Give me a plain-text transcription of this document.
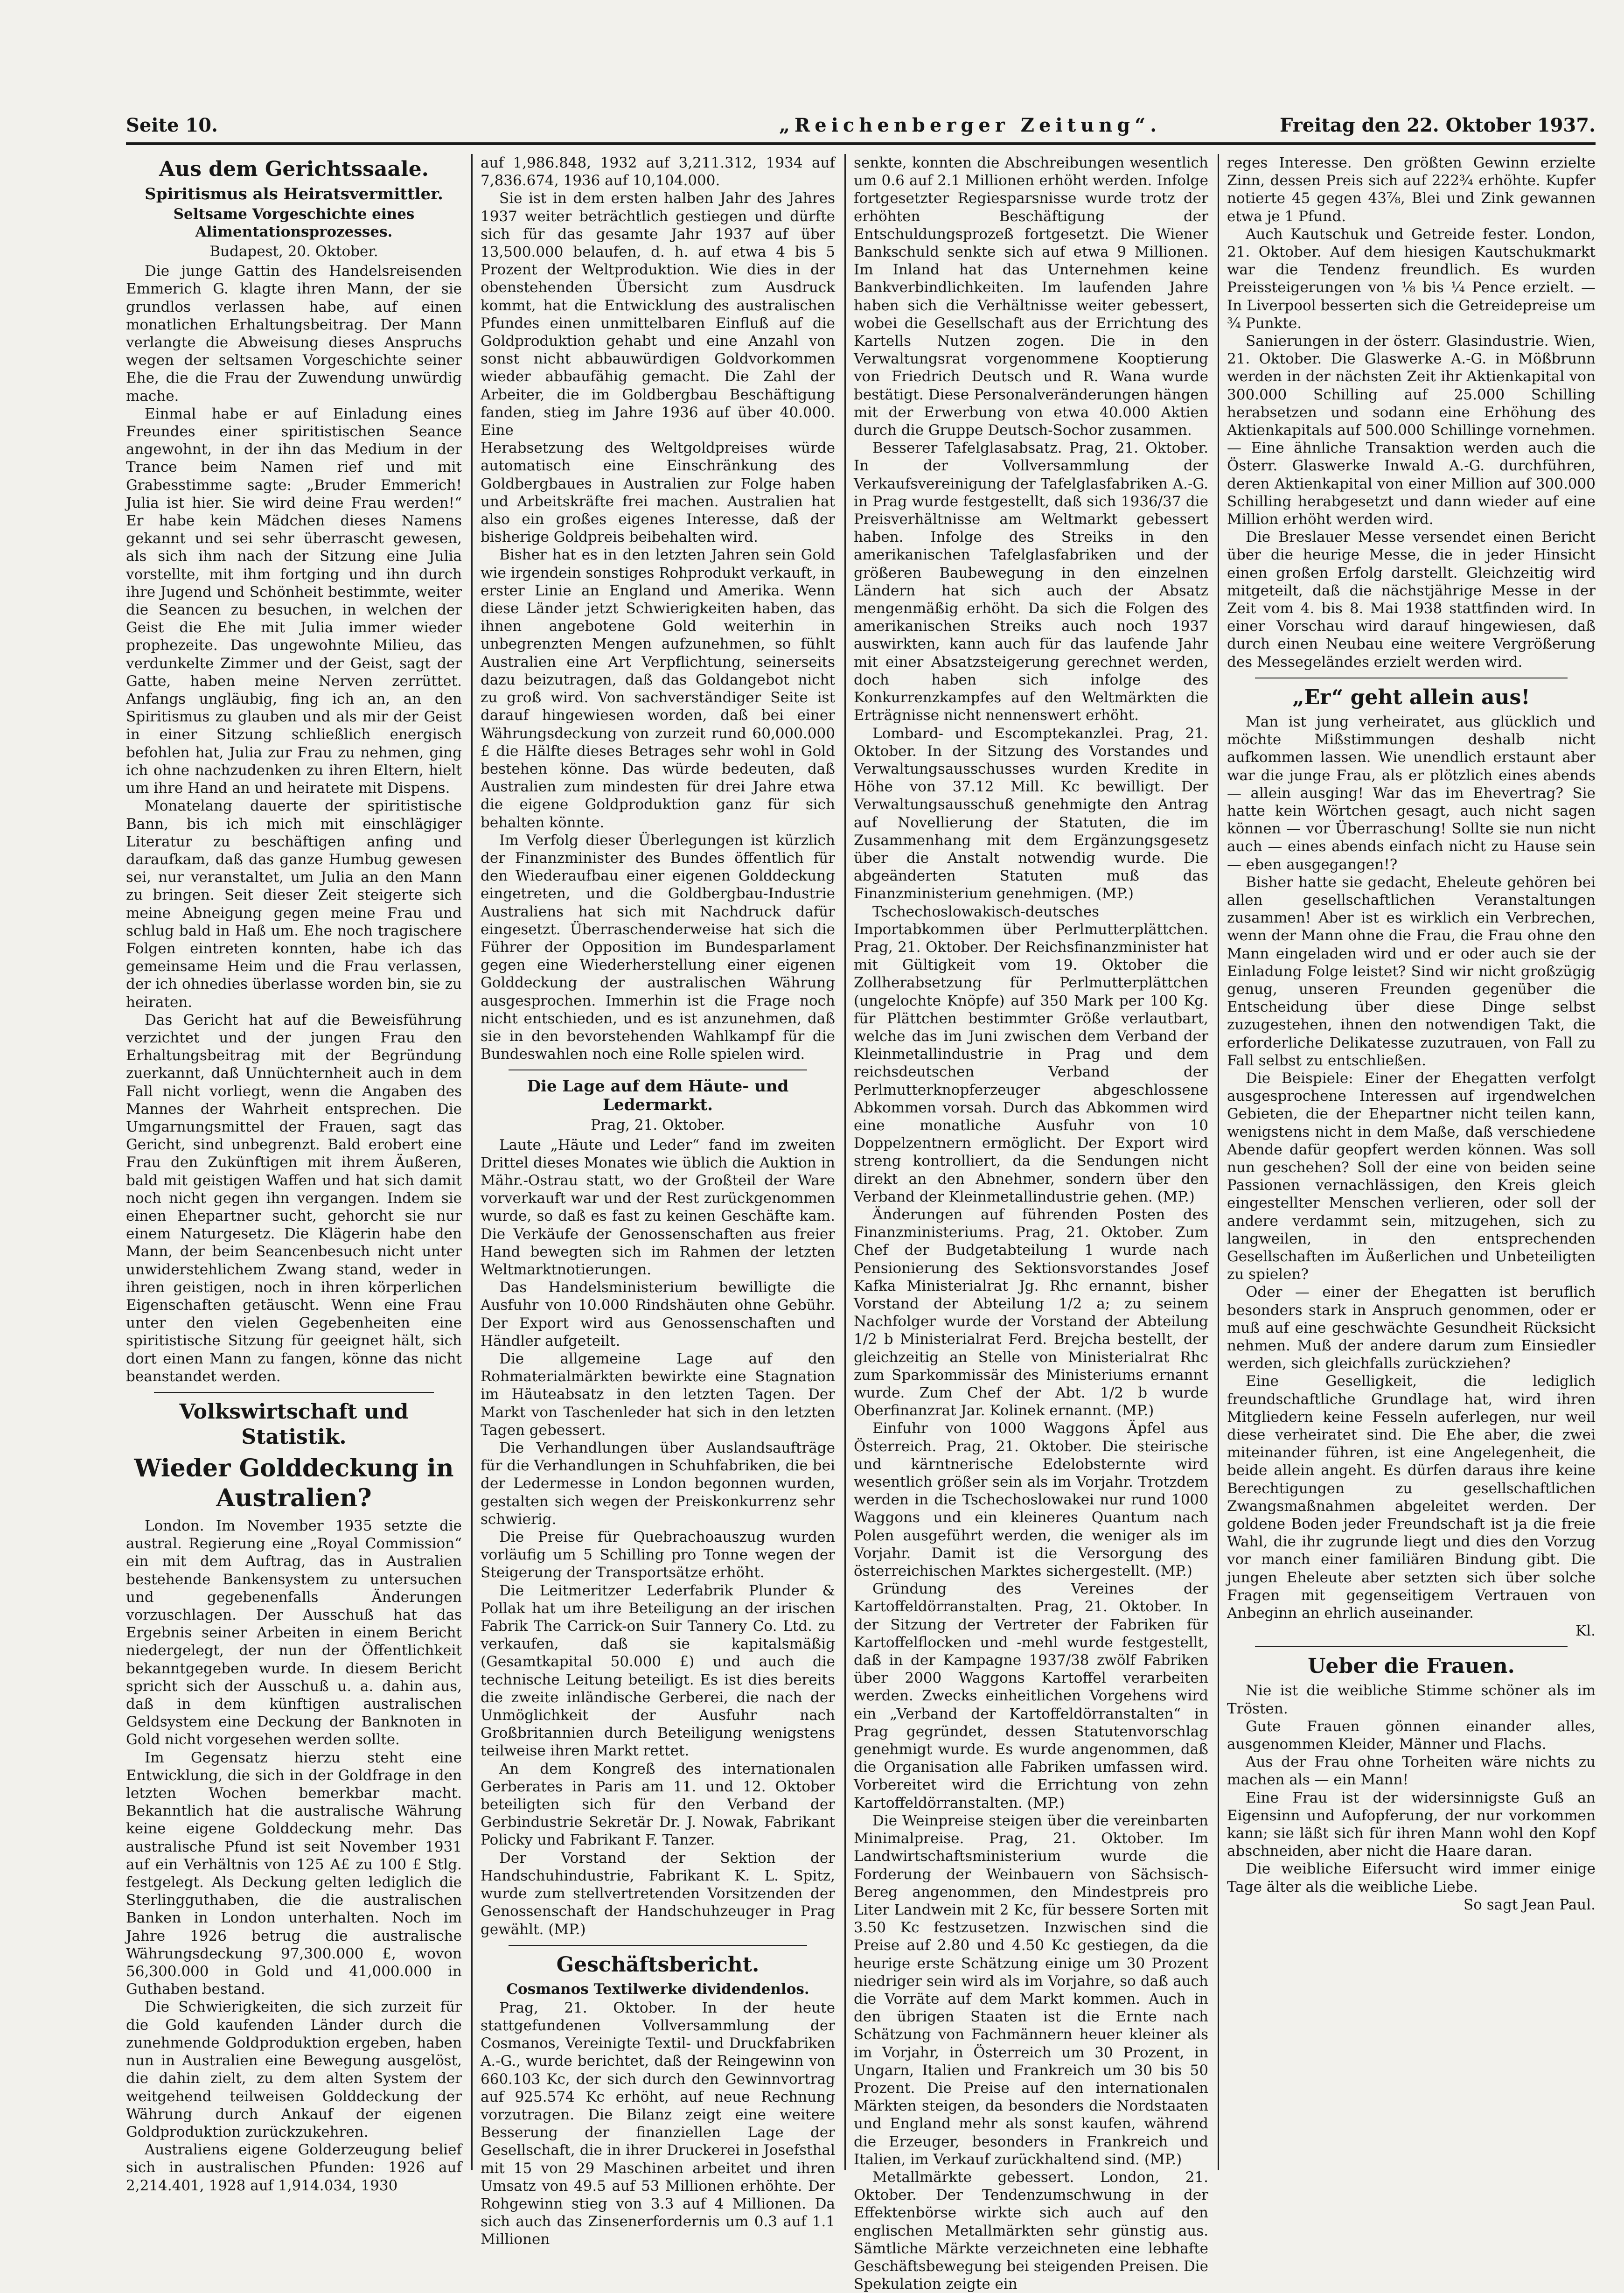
Seite 10.	„Reichenberger Zeitung“.	Freitag den 22. Oktober 1937.
Aus dem Gerichtssaale.
Spiritismus als Heiratsvermittler.
Seltsame Vorgeschichte eines Alimentationsprozesses.
Budapest, 20. Oktober.

Die junge Gattin des Handelsreisenden Emmerich G. klagte ihren Mann, der sie grundlos verlassen habe, auf einen monatlichen Erhaltungsbeitrag. Der Mann verlangte die Abweisung dieses Anspruchs wegen der seltsamen Vorgeschichte seiner Ehe, die die Frau der Zuwendung unwürdig mache.

Einmal habe er auf Einladung eines Freundes einer spiritistischen Seance angewohnt, in der ihn das Medium in der Trance beim Namen rief und mit Grabesstimme sagte: „Bruder Emmerich! Julia ist hier. Sie wird deine Frau werden!“ Er habe kein Mädchen dieses Namens gekannt und sei sehr überrascht gewesen, als sich ihm nach der Sitzung eine Julia vorstellte, mit ihm fortging und ihn durch ihre Jugend und Schönheit bestimmte, weiter die Seancen zu besuchen, in welchen der Geist die Ehe mit Julia immer wieder prophezeite. Das ungewohnte Milieu, das verdunkelte Zimmer und der Geist, sagt der Gatte, haben meine Nerven zerrüttet. Anfangs ungläubig, fing ich an, an den Spiritismus zu glauben und als mir der Geist in einer Sitzung schließlich energisch befohlen hat, Julia zur Frau zu nehmen, ging ich ohne nachzudenken zu ihren Eltern, hielt um ihre Hand an und heiratete mit Dispens.

Monatelang dauerte der spiritistische Bann, bis ich mich mit einschlägiger Literatur zu beschäftigen anfing und daraufkam, daß das ganze Humbug gewesen sei, nur veranstaltet, um Julia an den Mann zu bringen. Seit dieser Zeit steigerte sich meine Abneigung gegen meine Frau und schlug bald in Haß um. Ehe noch tragischere Folgen eintreten konnten, habe ich das gemeinsame Heim und die Frau verlassen, der ich ohnedies überlasse worden bin, sie zu heiraten.

Das Gericht hat auf die Beweisführung verzichtet und der jungen Frau den Erhaltungsbeitrag mit der Begründung zuerkannt, daß Unnüchternheit auch in dem Fall nicht vorliegt, wenn die Angaben des Mannes der Wahrheit entsprechen. Die Umgarnungsmittel der Frauen, sagt das Gericht, sind unbegrenzt. Bald erobert eine Frau den Zukünftigen mit ihrem Äußeren, bald mit geistigen Waffen und hat sich damit noch nicht gegen ihn vergangen. Indem sie einen Ehepartner sucht, gehorcht sie nur einem Naturgesetz. Die Klägerin habe den Mann, der beim Seancenbesuch nicht unter unwiderstehlichem Zwang stand, weder in ihren geistigen, noch in ihren körperlichen Eigenschaften getäuscht. Wenn eine Frau unter den vielen Gegebenheiten eine spiritistische Sitzung für geeignet hält, sich dort einen Mann zu fangen, könne das nicht beanstandet werden.

Volkswirtschaft und Statistik.
Wieder Golddeckung in Australien?

London. Im November 1935 setzte die austral. Regierung eine „Royal Commission“ ein mit dem Auftrag, das in Australien bestehende Bankensystem zu untersuchen und gegebenenfalls Änderungen vorzuschlagen. Der Ausschuß hat das Ergebnis seiner Arbeiten in einem Bericht niedergelegt, der nun der Öffentlichkeit bekanntgegeben wurde. In diesem Bericht spricht sich der Ausschuß u. a. dahin aus, daß in dem künftigen australischen Geldsystem eine Deckung der Banknoten in Gold nicht vorgesehen werden sollte.

Im Gegensatz hierzu steht eine Entwicklung, die sich in der Goldfrage in den letzten Wochen bemerkbar macht. Bekanntlich hat die australische Währung keine eigene Golddeckung mehr. Das australische Pfund ist seit November 1931 auf ein Verhältnis von 125 A£ zu 100 £ Stlg. festgelegt. Als Deckung gelten lediglich die Sterlingguthaben, die die australischen Banken in London unterhalten. Noch im Jahre 1926 betrug die australische Währungsdeckung 97,300.000 £, wovon 56,300.000 in Gold und 41,000.000 in Guthaben bestand.

Die Schwierigkeiten, die sich zurzeit für die Gold kaufenden Länder durch die zunehmende Goldproduktion ergeben, haben nun in Australien eine Bewegung ausgelöst, die dahin zielt, zu dem alten System der weitgehend teilweisen Golddeckung der Währung durch Ankauf der eigenen Goldproduktion zurückzukehren.

Australiens eigene Golderzeugung belief sich in australischen Pfunden: 1926 auf 2,214.401, 1928 auf 1,914.034, 1930

auf 1,986.848, 1932 auf 3,211.312, 1934 auf 7,836.674, 1936 auf 10,104.000.

Sie ist in dem ersten halben Jahr des Jahres 1937 weiter beträchtlich gestiegen und dürfte sich für das gesamte Jahr 1937 auf über 13,500.000 belaufen, d. h. auf etwa 4 bis 5 Prozent der Weltproduktion. Wie dies in der obenstehenden Übersicht zum Ausdruck kommt, hat die Entwicklung des australischen Pfundes einen unmittelbaren Einfluß auf die Goldproduktion gehabt und eine Anzahl von sonst nicht abbauwürdigen Goldvorkommen wieder abbaufähig gemacht. Die Zahl der Arbeiter, die im Goldbergbau Beschäftigung fanden, stieg im Jahre 1936 auf über 40.000. Eine

Herabsetzung des Weltgoldpreises würde automatisch eine Einschränkung des Goldbergbaues in Australien zur Folge haben und Arbeitskräfte frei machen. Australien hat also ein großes eigenes Interesse, daß der bisherige Goldpreis beibehalten wird.

Bisher hat es in den letzten Jahren sein Gold wie irgendein sonstiges Rohprodukt verkauft, in erster Linie an England und Amerika. Wenn diese Länder jetzt Schwierigkeiten haben, das ihnen angebotene Gold weiterhin in unbegrenzten Mengen aufzunehmen, so fühlt Australien eine Art Verpflichtung, seinerseits dazu beizutragen, daß das Goldangebot nicht zu groß wird. Von sachverständiger Seite ist darauf hingewiesen worden, daß bei einer Währungsdeckung von zurzeit rund 60,000.000 £ die Hälfte dieses Betrages sehr wohl in Gold bestehen könne. Das würde bedeuten, daß Australien zum mindesten für drei Jahre etwa die eigene Goldproduktion ganz für sich behalten könnte.

Im Verfolg dieser Überlegungen ist kürzlich der Finanzminister des Bundes öffentlich für den Wiederaufbau einer eigenen Golddeckung eingetreten, und die Goldbergbau-Industrie Australiens hat sich mit Nachdruck dafür eingesetzt. Überraschenderweise hat sich die Führer der Opposition im Bundesparlament gegen eine Wiederherstellung einer eigenen Golddeckung der australischen Währung ausgesprochen. Immerhin ist die Frage noch nicht entschieden, und es ist anzunehmen, daß sie in den bevorstehenden Wahlkampf für die Bundeswahlen noch eine Rolle spielen wird.

Die Lage auf dem Häute- und Ledermarkt.
Prag, 21. Oktober.

Laute „Häute und Leder“ fand im zweiten Drittel dieses Monates wie üblich die Auktion in Mähr.-Ostrau statt, wo der Großteil der Ware vorverkauft war und der Rest zurückgenommen wurde, so daß es fast zu keinen Geschäfte kam. Die Verkäufe der Genossenschaften aus freier Hand bewegten sich im Rahmen der letzten Weltmarktnotierungen.

Das Handelsministerium bewilligte die Ausfuhr von 10.000 Rindshäuten ohne Gebühr. Der Export wird aus Genossenschaften und Händler aufgeteilt.

Die allgemeine Lage auf den Rohmaterialmärkten bewirkte eine Stagnation im Häuteabsatz in den letzten Tagen. Der Markt von Taschenleder hat sich in den letzten Tagen gebessert.

Die Verhandlungen über Auslandsaufträge für die Verhandlungen in Schuhfabriken, die bei der Ledermesse in London begonnen wurden, gestalten sich wegen der Preiskonkurrenz sehr schwierig.

Die Preise für Quebrachoauszug wurden vorläufig um 5 Schilling pro Tonne wegen der Steigerung der Transportsätze erhöht.

Die Leitmeritzer Lederfabrik Plunder & Pollak hat um ihre Beteiligung an der irischen Fabrik The Carrick-on Suir Tannery Co. Ltd. zu verkaufen, daß sie kapitalsmäßig (Gesamtkapital 50.000 £) und auch die technische Leitung beteiligt. Es ist dies bereits die zweite inländische Gerberei, die nach der Unmöglichkeit der Ausfuhr nach Großbritannien durch Beteiligung wenigstens teilweise ihren Markt rettet.

An dem Kongreß des internationalen Gerberates in Paris am 11. und 12. Oktober beteiligten sich für den Verband der Gerbindustrie Sekretär Dr. J. Nowak, Fabrikant Policky und Fabrikant F. Tanzer.

Der Vorstand der Sektion der Handschuhindustrie, Fabrikant K. L. Spitz, wurde zum stellvertretenden Vorsitzenden der Genossenschaft der Handschuhzeuger in Prag gewählt. (MP.)

Geschäftsbericht.
Cosmanos Textilwerke dividendenlos.

Prag, 21. Oktober. In der heute stattgefundenen Vollversammlung der Cosmanos, Vereinigte Textil- und Druckfabriken A.-G., wurde berichtet, daß der Reingewinn von 660.103 Kc, der sich durch den Gewinnvortrag auf 925.574 Kc erhöht, auf neue Rechnung vorzutragen. Die Bilanz zeigt eine weitere Besserung der finanziellen Lage der Gesellschaft, die in ihrer Druckerei in Josefsthal mit 15 von 29 Maschinen arbeitet und ihren Umsatz von 49.5 auf 53 Millionen erhöhte. Der Rohgewinn stieg von 3.3 auf 4 Millionen. Da sich auch das Zinsenerfordernis um 0.3 auf 1.1 Millionen

senkte, konnten die Abschreibungen wesentlich um 0.6 auf 2.1 Millionen erhöht werden. Infolge fortgesetzter Regiesparsnisse wurde trotz der erhöhten Beschäftigung der Entschuldungsprozeß fortgesetzt. Die Wiener Bankschuld senkte sich auf etwa 9 Millionen. Im Inland hat das Unternehmen keine Bankverbindlichkeiten. Im laufenden Jahre haben sich die Verhältnisse weiter gebessert, wobei die Gesellschaft aus der Errichtung des Kartells Nutzen zogen. Die in den Verwaltungsrat vorgenommene Kooptierung von Friedrich Deutsch und R. Wana wurde bestätigt. Diese Personalveränderungen hängen mit der Erwerbung von etwa 40.000 Aktien durch die Gruppe Deutsch-Sochor zusammen.

Besserer Tafelglasabsatz. Prag, 21. Oktober. In der Vollversammlung der Verkaufsvereinigung der Tafelglasfabriken A.-G. in Prag wurde festgestellt, daß sich 1936/37 die Preisverhältnisse am Weltmarkt gebessert haben. Infolge des Streiks in den amerikanischen Tafelglasfabriken und der größeren Baubewegung in den einzelnen Ländern hat sich auch der Absatz mengenmäßig erhöht. Da sich die Folgen des amerikanischen Streiks auch noch 1937 auswirkten, kann auch für das laufende Jahr mit einer Absatzsteigerung gerechnet werden, doch haben sich infolge des Konkurrenzkampfes auf den Weltmärkten die Erträgnisse nicht nennenswert erhöht.

Lombard- und Escomptekanzlei. Prag, 21. Oktober. In der Sitzung des Vorstandes und Verwaltungsausschusses wurden Kredite in Höhe von 37.12 Mill. Kc bewilligt. Der Verwaltungsausschuß genehmigte den Antrag auf Novellierung der Statuten, die im Zusammenhang mit dem Ergänzungsgesetz über die Anstalt notwendig wurde. Die abgeänderten Statuten muß das Finanzministerium genehmigen. (MP.)

Tschechoslowakisch-deutsches Importabkommen über Perlmutterplättchen. Prag, 21. Oktober. Der Reichsfinanzminister hat mit Gültigkeit vom 19. Oktober die Zollherabsetzung für Perlmutterplättchen (ungelochte Knöpfe) auf 350 Mark per 100 Kg. für Plättchen bestimmter Größe verlautbart, welche das im Juni zwischen dem Verband der Kleinmetallindustrie in Prag und dem reichsdeutschen Verband der Perlmutterknopferzeuger abgeschlossene Abkommen vorsah. Durch das Abkommen wird eine monatliche Ausfuhr von 10 Doppelzentnern ermöglicht. Der Export wird streng kontrolliert, da die Sendungen nicht direkt an den Abnehmer, sondern über den Verband der Kleinmetallindustrie gehen. (MP.)

Änderungen auf führenden Posten des Finanzministeriums. Prag, 21. Oktober. Zum Chef der Budgetabteilung 1 wurde nach Pensionierung des Sektionsvorstandes Josef Kafka Ministerialrat Jg. Rhc ernannt, bisher Vorstand der Abteilung 1/2 a; zu seinem Nachfolger wurde der Vorstand der Abteilung 1/2 b Ministerialrat Ferd. Brejcha bestellt, der gleichzeitig an Stelle von Ministerialrat Rhc zum Sparkommissär des Ministeriums ernannt wurde. Zum Chef der Abt. 1/2 b wurde Oberfinanzrat Jar. Kolinek ernannt. (MP.)

Einfuhr von 1000 Waggons Äpfel aus Österreich. Prag, 21. Oktober. Die steirische und kärntnerische Edelobsternte wird wesentlich größer sein als im Vorjahr. Trotzdem werden in die Tschechoslowakei nur rund 1000 Waggons und ein kleineres Quantum nach Polen ausgeführt werden, die weniger als im Vorjahr. Damit ist die Versorgung des österreichischen Marktes sichergestellt. (MP.)

Gründung des Vereines der Kartoffeldörranstalten. Prag, 21. Oktober. In der Sitzung der Vertreter der Fabriken für Kartoffelflocken und -mehl wurde festgestellt, daß in der Kampagne 1937/38 zwölf Fabriken über 2000 Waggons Kartoffel verarbeiten werden. Zwecks einheitlichen Vorgehens wird ein „Verband der Kartoffeldörranstalten“ in Prag gegründet, dessen Statutenvorschlag genehmigt wurde. Es wurde angenommen, daß die Organisation alle Fabriken umfassen wird. Vorbereitet wird die Errichtung von zehn Kartoffeldörranstalten. (MP.)

Die Weinpreise steigen über die vereinbarten Minimalpreise. Prag, 21. Oktober. Im Landwirtschaftsministerium wurde die Forderung der Weinbauern von Sächsisch-Bereg angenommen, den Mindestpreis pro Liter Landwein mit 2 Kc, für bessere Sorten mit 3.50 Kc festzusetzen. Inzwischen sind die Preise auf 2.80 und 4.50 Kc gestiegen, da die heurige erste Schätzung einige um 30 Prozent niedriger sein wird als im Vorjahre, so daß auch die Vorräte auf dem Markt kommen. Auch in den übrigen Staaten ist die Ernte nach Schätzung von Fachmännern heuer kleiner als im Vorjahr, in Österreich um 30 Prozent, in Ungarn, Italien und Frankreich um 30 bis 50 Prozent. Die Preise auf den internationalen Märkten steigen, da besonders die Nordstaaten und England mehr als sonst kaufen, während die Erzeuger, besonders in Frankreich und Italien, im Verkauf zurückhaltend sind. (MP.)

Metallmärkte gebessert. London, 21. Oktober. Der Tendenzumschwung in der Effektenbörse wirkte sich auch auf den englischen Metallmärkten sehr günstig aus. Sämtliche Märkte verzeichneten eine lebhafte Geschäftsbewegung bei steigenden Preisen. Die Spekulation zeigte ein

reges Interesse. Den größten Gewinn erzielte Zinn, dessen Preis sich auf 222¾ erhöhte. Kupfer notierte 45 gegen 43⅞, Blei und Zink gewannen etwa je 1 Pfund.

Auch Kautschuk und Getreide fester. London, 21. Oktober. Auf dem hiesigen Kautschukmarkt war die Tendenz freundlich. Es wurden Preissteigerungen von ⅛ bis ¼ Pence erzielt. — In Liverpool besserten sich die Getreidepreise um ¾ Punkte.

Sanierungen in der österr. Glasindustrie. Wien, 21. Oktober. Die Glaswerke A.-G. in Mößbrunn werden in der nächsten Zeit ihr Aktienkapital von 300.000 Schilling auf 25.000 Schilling herabsetzen und sodann eine Erhöhung des Aktienkapitals auf 500.000 Schillinge vornehmen. — Eine ähnliche Transaktion werden auch die Österr. Glaswerke Inwald A.-G. durchführen, deren Aktienkapital von einer Million auf 300.000 Schilling herabgesetzt und dann wieder auf eine Million erhöht werden wird.

Die Breslauer Messe versendet einen Bericht über die heurige Messe, die in jeder Hinsicht einen großen Erfolg darstellt. Gleichzeitig wird mitgeteilt, daß die nächstjährige Messe in der Zeit vom 4. bis 8. Mai 1938 stattfinden wird. In einer Vorschau wird darauf hingewiesen, daß durch einen Neubau eine weitere Vergrößerung des Messegeländes erzielt werden wird.

„Er“ geht allein aus!

Man ist jung verheiratet, aus glücklich und möchte Mißstimmungen deshalb nicht aufkommen lassen. Wie unendlich erstaunt aber war die junge Frau, als er plötzlich eines abends — allein ausging! War das im Ehevertrag? Sie hatte kein Wörtchen gesagt, auch nicht sagen können — vor Überraschung! Sollte sie nun nicht auch — eines abends einfach nicht zu Hause sein — eben ausgegangen!?

Bisher hatte sie gedacht, Eheleute gehören bei allen gesellschaftlichen Veranstaltungen zusammen! Aber ist es wirklich ein Verbrechen, wenn der Mann ohne die Frau, die Frau ohne den Mann eingeladen wird und er oder auch sie der Einladung Folge leistet? Sind wir nicht großzügig genug, unseren Freunden gegenüber die Entscheidung über diese Dinge selbst zuzugestehen, ihnen den notwendigen Takt, die erforderliche Delikatesse zuzutrauen, von Fall zu Fall selbst zu entschließen.

Die Beispiele: Einer der Ehegatten verfolgt ausgesprochene Interessen auf irgendwelchen Gebieten, die der Ehepartner nicht teilen kann, wenigstens nicht in dem Maße, daß verschiedene Abende dafür geopfert werden können. Was soll nun geschehen? Soll der eine von beiden seine Passionen vernachlässigen, den Kreis gleich eingestellter Menschen verlieren, oder soll der andere verdammt sein, mitzugehen, sich zu langweilen, in den entsprechenden Gesellschaften im Äußerlichen und Unbeteiligten zu spielen?

Oder — einer der Ehegatten ist beruflich besonders stark in Anspruch genommen, oder er muß auf eine geschwächte Gesundheit Rücksicht nehmen. Muß der andere darum zum Einsiedler werden, sich gleichfalls zurückziehen?

Eine Geselligkeit, die lediglich freundschaftliche Grundlage hat, wird ihren Mitgliedern keine Fesseln auferlegen, nur weil diese verheiratet sind. Die Ehe aber, die zwei miteinander führen, ist eine Angelegenheit, die beide allein angeht. Es dürfen daraus ihre keine Berechtigungen zu gesellschaftlichen Zwangsmaßnahmen abgeleitet werden. Der goldene Boden jeder Freundschaft ist ja die freie Wahl, die ihr zugrunde liegt und dies den Vorzug vor manch einer familiären Bindung gibt. Die jungen Eheleute aber setzten sich über solche Fragen mit gegenseitigem Vertrauen von Anbeginn an ehrlich auseinander.

Kl.
Ueber die Frauen.

Nie ist die weibliche Stimme schöner als im Trösten.

Gute Frauen gönnen einander alles, ausgenommen Kleider, Männer und Flachs.

Aus der Frau ohne Torheiten wäre nichts zu machen als — ein Mann!

Eine Frau ist der widersinnigste Guß an Eigensinn und Aufopferung, der nur vorkommen kann; sie läßt sich für ihren Mann wohl den Kopf abschneiden, aber nicht die Haare daran.

Die weibliche Eifersucht wird immer einige Tage älter als die weibliche Liebe.

So sagt Jean Paul.
